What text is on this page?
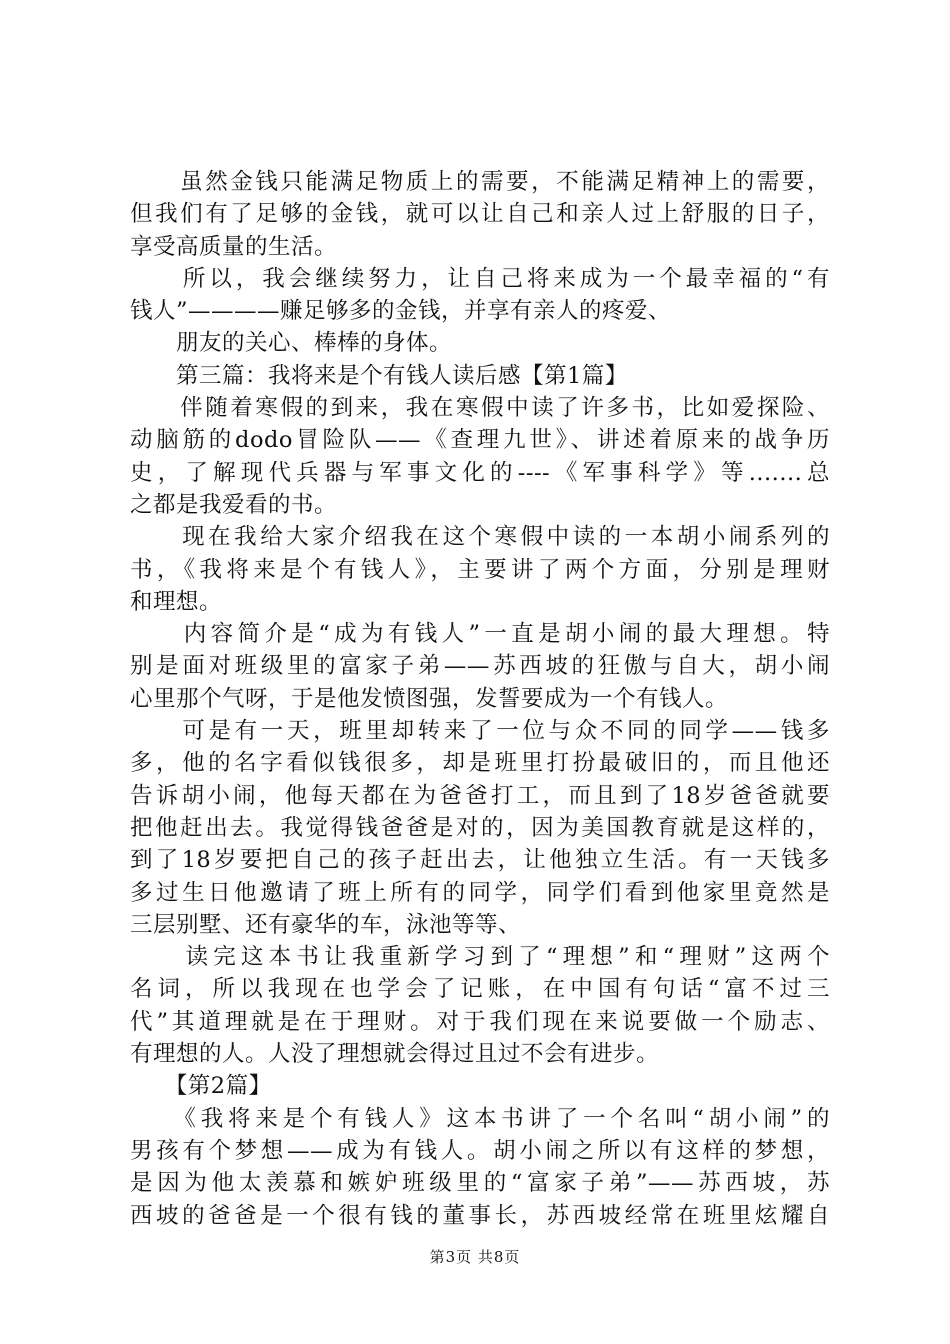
　　虽然金钱只能满足物质上的需要，不能满足精神上的需要，
但我们有了足够的金钱，就可以让自己和亲人过上舒服的日子，
享受高质量的生活。
　　所以，我会继续努力，让自己将来成为一个最幸福的“有
钱人”————赚足够多的金钱，并享有亲人的疼爱、
　　朋友的关心、棒棒的身体。
　　第三篇：我将来是个有钱人读后感【第1篇】
　　伴随着寒假的到来，我在寒假中读了许多书，比如爱探险、
动脑筋的dodo冒险队——《查理九世》、讲述着原来的战争历
史，了解现代兵器与军事文化的----《军事科学》等.......总
之都是我爱看的书。
　　现在我给大家介绍我在这个寒假中读的一本胡小闹系列的
书，《我将来是个有钱人》，主要讲了两个方面，分别是理财
和理想。
　　内容简介是“成为有钱人”一直是胡小闹的最大理想。特
别是面对班级里的富家子弟——苏西坡的狂傲与自大，胡小闹
心里那个气呀，于是他发愤图强，发誓要成为一个有钱人。
　　可是有一天，班里却转来了一位与众不同的同学——钱多
多，他的名字看似钱很多，却是班里打扮最破旧的，而且他还
告诉胡小闹，他每天都在为爸爸打工，而且到了18岁爸爸就要
把他赶出去。我觉得钱爸爸是对的，因为美国教育就是这样的，
到了18岁要把自己的孩子赶出去，让他独立生活。有一天钱多
多过生日他邀请了班上所有的同学，同学们看到他家里竟然是
三层别墅、还有豪华的车，泳池等等、
　　读完这本书让我重新学习到了“理想”和“理财”这两个
名词，所以我现在也学会了记账，在中国有句话“富不过三
代”其道理就是在于理财。对于我们现在来说要做一个励志、
有理想的人。人没了理想就会得过且过不会有进步。
　　【第2篇】
　　《我将来是个有钱人》这本书讲了一个名叫“胡小闹”的
男孩有个梦想——成为有钱人。胡小闹之所以有这样的梦想，
是因为他太羡慕和嫉妒班级里的“富家子弟”——苏西坡，苏
西坡的爸爸是一个很有钱的董事长，苏西坡经常在班里炫耀自
第3页 共8页
